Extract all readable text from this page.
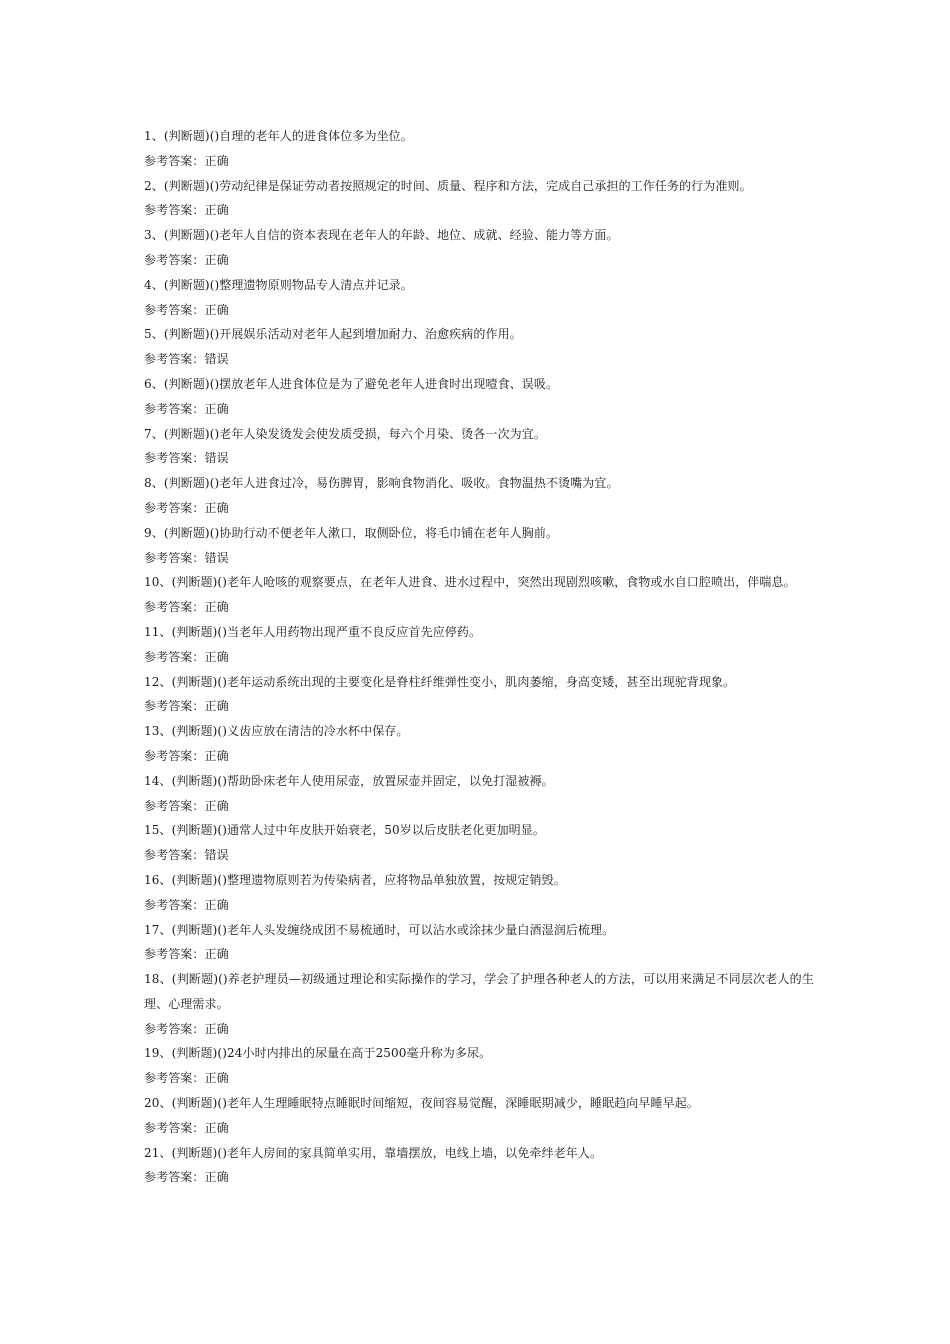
1、(判断题)()自理的老年人的进食体位多为坐位。

参考答案：正确

2、(判断题)()劳动纪律是保证劳动者按照规定的时间、质量、程序和方法，完成自己承担的工作任务的行为准则。

参考答案：正确

3、(判断题)()老年人自信的资本表现在老年人的年龄、地位、成就、经验、能力等方面。

参考答案：正确

4、(判断题)()整理遗物原则物品专人清点并记录。

参考答案：正确

5、(判断题)()开展娱乐活动对老年人起到增加耐力、治愈疾病的作用。

参考答案：错误

6、(判断题)()摆放老年人进食体位是为了避免老年人进食时出现噎食、误吸。

参考答案：正确

7、(判断题)()老年人染发烫发会使发质受损，每六个月染、烫各一次为宜。

参考答案：错误

8、(判断题)()老年人进食过冷，易伤脾胃，影响食物消化、吸收。食物温热不烫嘴为宜。

参考答案：正确

9、(判断题)()协助行动不便老年人漱口，取侧卧位，将毛巾铺在老年人胸前。

参考答案：错误

10、(判断题)()老年人呛咳的观察要点，在老年人进食、进水过程中，突然出现剧烈咳嗽，食物或水自口腔喷出，伴喘息。

参考答案：正确

11、(判断题)()当老年人用药物出现严重不良反应首先应停药。

参考答案：正确

12、(判断题)()老年运动系统出现的主要变化是脊柱纤维弹性变小，肌肉萎缩，身高变矮，甚至出现驼背现象。

参考答案：正确

13、(判断题)()义齿应放在清洁的冷水杯中保存。

参考答案：正确

14、(判断题)()帮助卧床老年人使用尿壶，放置尿壶并固定，以免打湿被褥。

参考答案：正确

15、(判断题)()通常人过中年皮肤开始衰老，50岁以后皮肤老化更加明显。

参考答案：错误

16、(判断题)()整理遗物原则若为传染病者，应将物品单独放置，按规定销毁。

参考答案：正确

17、(判断题)()老年人头发缠绕成团不易梳通时，可以沾水或涂抹少量白酒湿润后梳理。

参考答案：正确

18、(判断题)()养老护理员—初级通过理论和实际操作的学习，学会了护理各种老人的方法，可以用来满足不同层次老人的生理、心理需求。

参考答案：正确

19、(判断题)()24小时内排出的尿量在高于2500毫升称为多尿。

参考答案：正确

20、(判断题)()老年人生理睡眠特点睡眠时间缩短，夜间容易觉醒，深睡眠期减少，睡眠趋向早睡早起。

参考答案：正确

21、(判断题)()老年人房间的家具简单实用，靠墙摆放，电线上墙，以免牵绊老年人。

参考答案：正确
